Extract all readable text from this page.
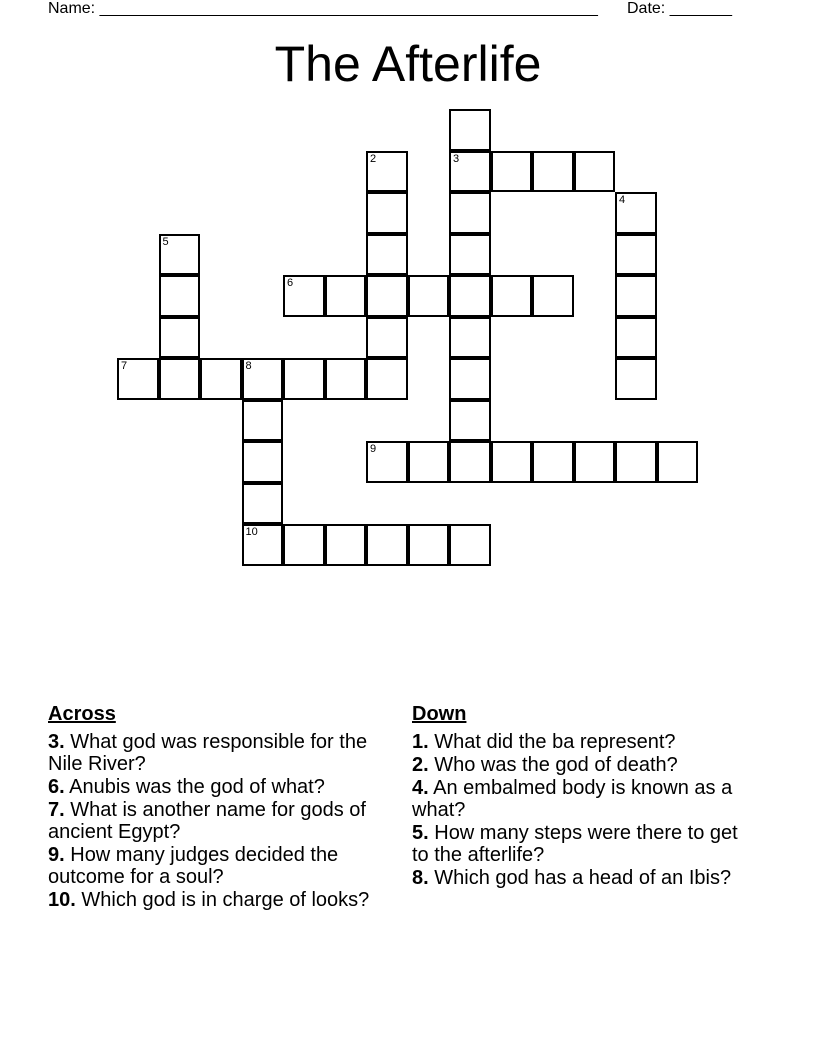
Name: ________________________________________________________ Date: _______
The Afterlife
2	3
4
5
6
7	8
9
10
Across
3. What god was responsible for the Nile River?
6. Anubis was the god of what?
7. What is another name for gods of ancient Egypt?
9. How many judges decided the outcome for a soul?
10. Which god is in charge of looks?
Down
1. What did the ba represent?
2. Who was the god of death?
4. An embalmed body is known as a what?
5. How many steps were there to get to the afterlife?
8. Which god has a head of an Ibis?
